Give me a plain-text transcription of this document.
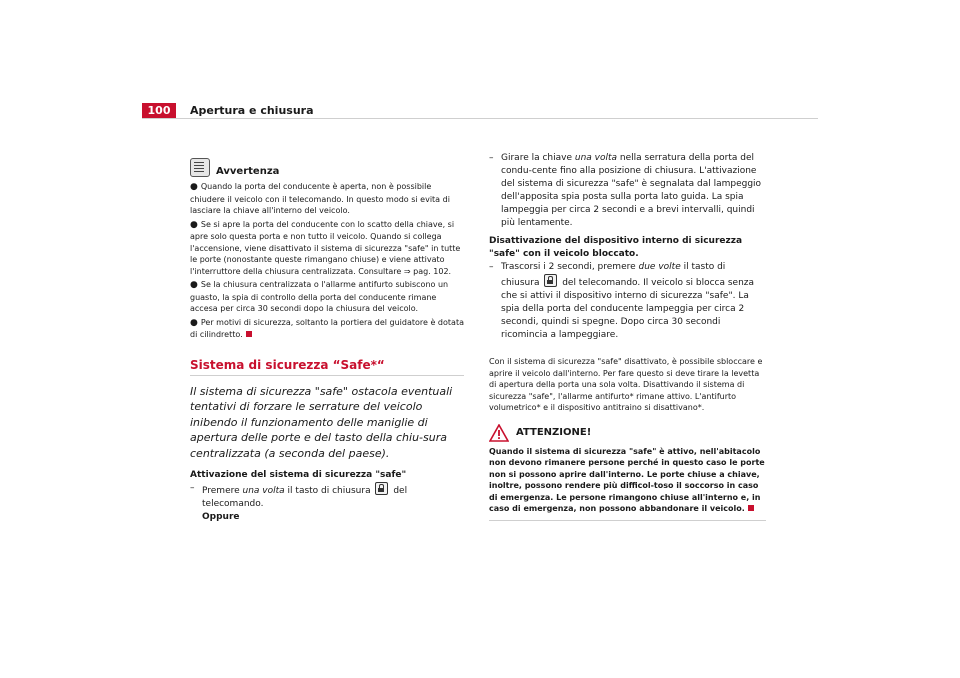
100	Apertura e chiusura
Avvertenza

● Quando la porta del conducente è aperta, non è possibile chiudere il veicolo con il telecomando. In questo modo si evita di lasciare la chiave all'interno del veicolo.

● Se si apre la porta del conducente con lo scatto della chiave, si apre solo questa porta e non tutto il veicolo. Quando si collega l'accensione, viene disattivato il sistema di sicurezza "safe" in tutte le porte (nonostante queste rimangano chiuse) e viene attivato l'interruttore della chiusura centralizzata. Consultare ⇒ pag. 102.

● Se la chiusura centralizzata o l'allarme antifurto subiscono un guasto, la spia di controllo della porta del conducente rimane accesa per circa 30 secondi dopo la chiusura del veicolo.

● Per motivi di sicurezza, soltanto la portiera del guidatore è dotata di cilindretto.

Sistema di sicurezza “Safe*“

Il sistema di sicurezza "safe" ostacola eventuali tentativi di forzare le serrature del veicolo inibendo il funzionamento delle maniglie di apertura delle porte e del tasto della chiu-sura centralizzata (a seconda del paese).

Attivazione del sistema di sicurezza "safe"

– Premere una volta il tasto di chiusura  del telecomando.
Oppure
– Girare la chiave una volta nella serratura della porta del condu-cente fino alla posizione di chiusura. L'attivazione del sistema di sicurezza "safe" è segnalata dal lampeggio dell'apposita spia posta sulla porta lato guida. La spia lampeggia per circa 2 secondi e a brevi intervalli, quindi più lentamente.

Disattivazione del dispositivo interno di sicurezza "safe" con il veicolo bloccato.

– Trascorsi i 2 secondi, premere due volte il tasto di chiusura  del telecomando. Il veicolo si blocca senza che si attivi il dispositivo interno di sicurezza "safe". La spia della porta del conducente lampeggia per circa 2 secondi, quindi si spegne. Dopo circa 30 secondi ricomincia a lampeggiare.

Con il sistema di sicurezza "safe" disattivato, è possibile sbloccare e aprire il veicolo dall'interno. Per fare questo si deve tirare la levetta di apertura della porta una sola volta. Disattivando il sistema di sicurezza "safe", l'allarme antifurto* rimane attivo. L'antifurto volumetrico* e il dispositivo antitraino si disattivano*.

ATTENZIONE!

Quando il sistema di sicurezza "safe" è attivo, nell'abitacolo non devono rimanere persone perché in questo caso le porte non si possono aprire dall'interno. Le porte chiuse a chiave, inoltre, possono rendere più difficol-toso il soccorso in caso di emergenza. Le persone rimangono chiuse all'interno e, in caso di emergenza, non possono abbandonare il veicolo.
